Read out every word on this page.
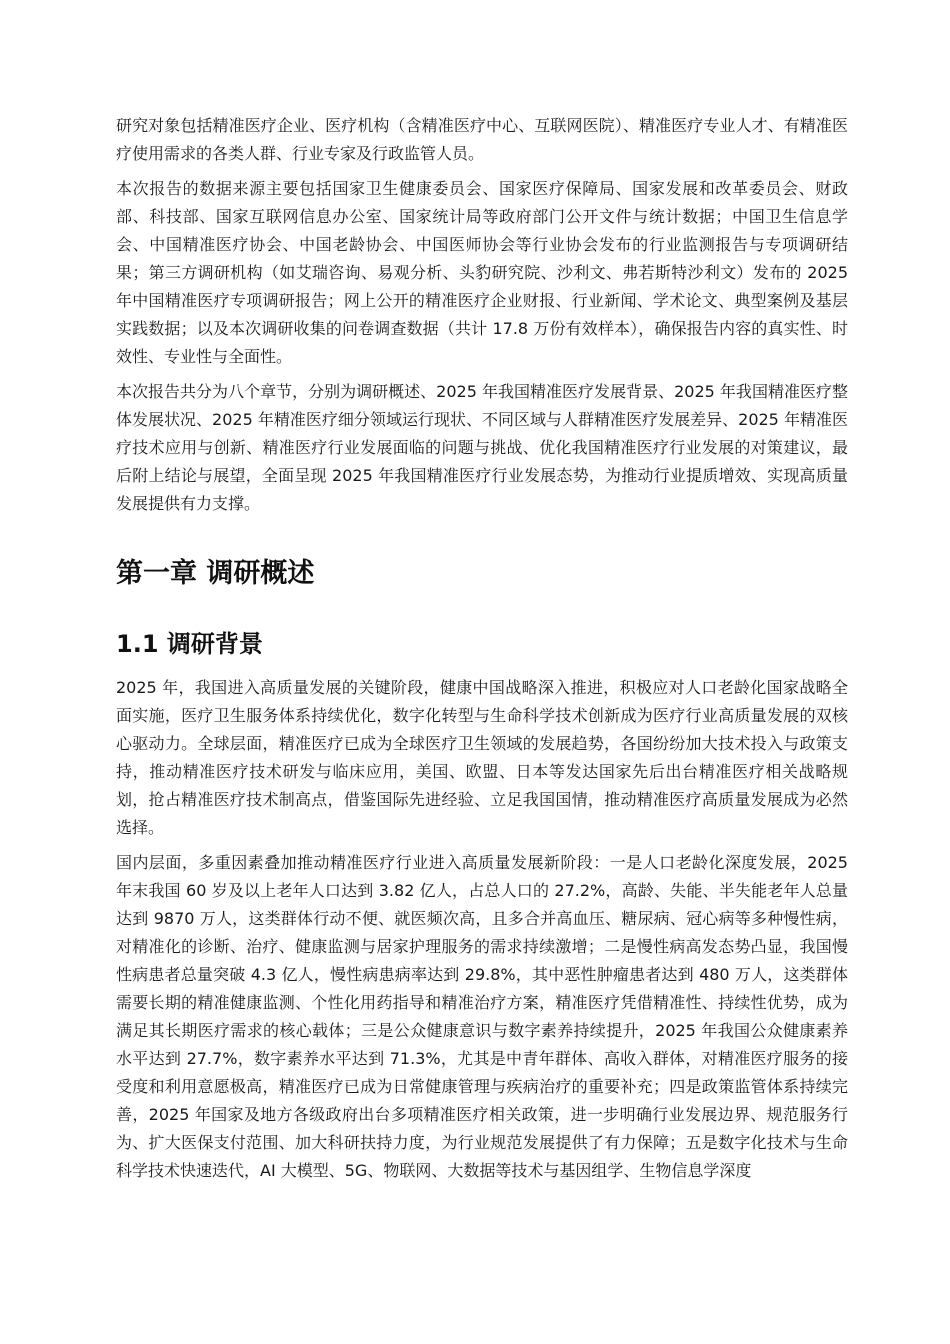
研究对象包括精准医疗企业、医疗机构（含精准医疗中心、互联网医院）、精准医疗专业人才、有精准医疗使用需求的各类人群、行业专家及行政监管人员。

本次报告的数据来源主要包括国家卫生健康委员会、国家医疗保障局、国家发展和改革委员会、财政部、科技部、国家互联网信息办公室、国家统计局等政府部门公开文件与统计数据；中国卫生信息学会、中国精准医疗协会、中国老龄协会、中国医师协会等行业协会发布的行业监测报告与专项调研结果；第三方调研机构（如艾瑞咨询、易观分析、头豹研究院、沙利文、弗若斯特沙利文）发布的 2025 年中国精准医疗专项调研报告；网上公开的精准医疗企业财报、行业新闻、学术论文、典型案例及基层实践数据；以及本次调研收集的问卷调查数据（共计 17.8 万份有效样本），确保报告内容的真实性、时效性、专业性与全面性。

本次报告共分为八个章节，分别为调研概述、2025 年我国精准医疗发展背景、2025 年我国精准医疗整体发展状况、2025 年精准医疗细分领域运行现状、不同区域与人群精准医疗发展差异、2025 年精准医疗技术应用与创新、精准医疗行业发展面临的问题与挑战、优化我国精准医疗行业发展的对策建议，最后附上结论与展望，全面呈现 2025 年我国精准医疗行业发展态势，为推动行业提质增效、实现高质量发展提供有力支撑。

第一章 调研概述
1.1 调研背景

2025 年，我国进入高质量发展的关键阶段，健康中国战略深入推进，积极应对人口老龄化国家战略全面实施，医疗卫生服务体系持续优化，数字化转型与生命科学技术创新成为医疗行业高质量发展的双核心驱动力。全球层面，精准医疗已成为全球医疗卫生领域的发展趋势，各国纷纷加大技术投入与政策支持，推动精准医疗技术研发与临床应用，美国、欧盟、日本等发达国家先后出台精准医疗相关战略规划，抢占精准医疗技术制高点，借鉴国际先进经验、立足我国国情，推动精准医疗高质量发展成为必然选择。

国内层面，多重因素叠加推动精准医疗行业进入高质量发展新阶段：一是人口老龄化深度发展，2025 年末我国 60 岁及以上老年人口达到 3.82 亿人，占总人口的 27.2%，高龄、失能、半失能老年人总量达到 9870 万人，这类群体行动不便、就医频次高，且多合并高血压、糖尿病、冠心病等多种慢性病，对精准化的诊断、治疗、健康监测与居家护理服务的需求持续激增；二是慢性病高发态势凸显，我国慢性病患者总量突破 4.3 亿人，慢性病患病率达到 29.8%，其中恶性肿瘤患者达到 480 万人，这类群体需要长期的精准健康监测、个性化用药指导和精准治疗方案，精准医疗凭借精准性、持续性优势，成为满足其长期医疗需求的核心载体；三是公众健康意识与数字素养持续提升，2025 年我国公众健康素养水平达到 27.7%，数字素养水平达到 71.3%，尤其是中青年群体、高收入群体，对精准医疗服务的接受度和利用意愿极高，精准医疗已成为日常健康管理与疾病治疗的重要补充；四是政策监管体系持续完善，2025 年国家及地方各级政府出台多项精准医疗相关政策，进一步明确行业发展边界、规范服务行为、扩大医保支付范围、加大科研扶持力度，为行业规范发展提供了有力保障；五是数字化技术与生命科学技术快速迭代，AI 大模型、5G、物联网、大数据等技术与基因组学、生物信息学深度
